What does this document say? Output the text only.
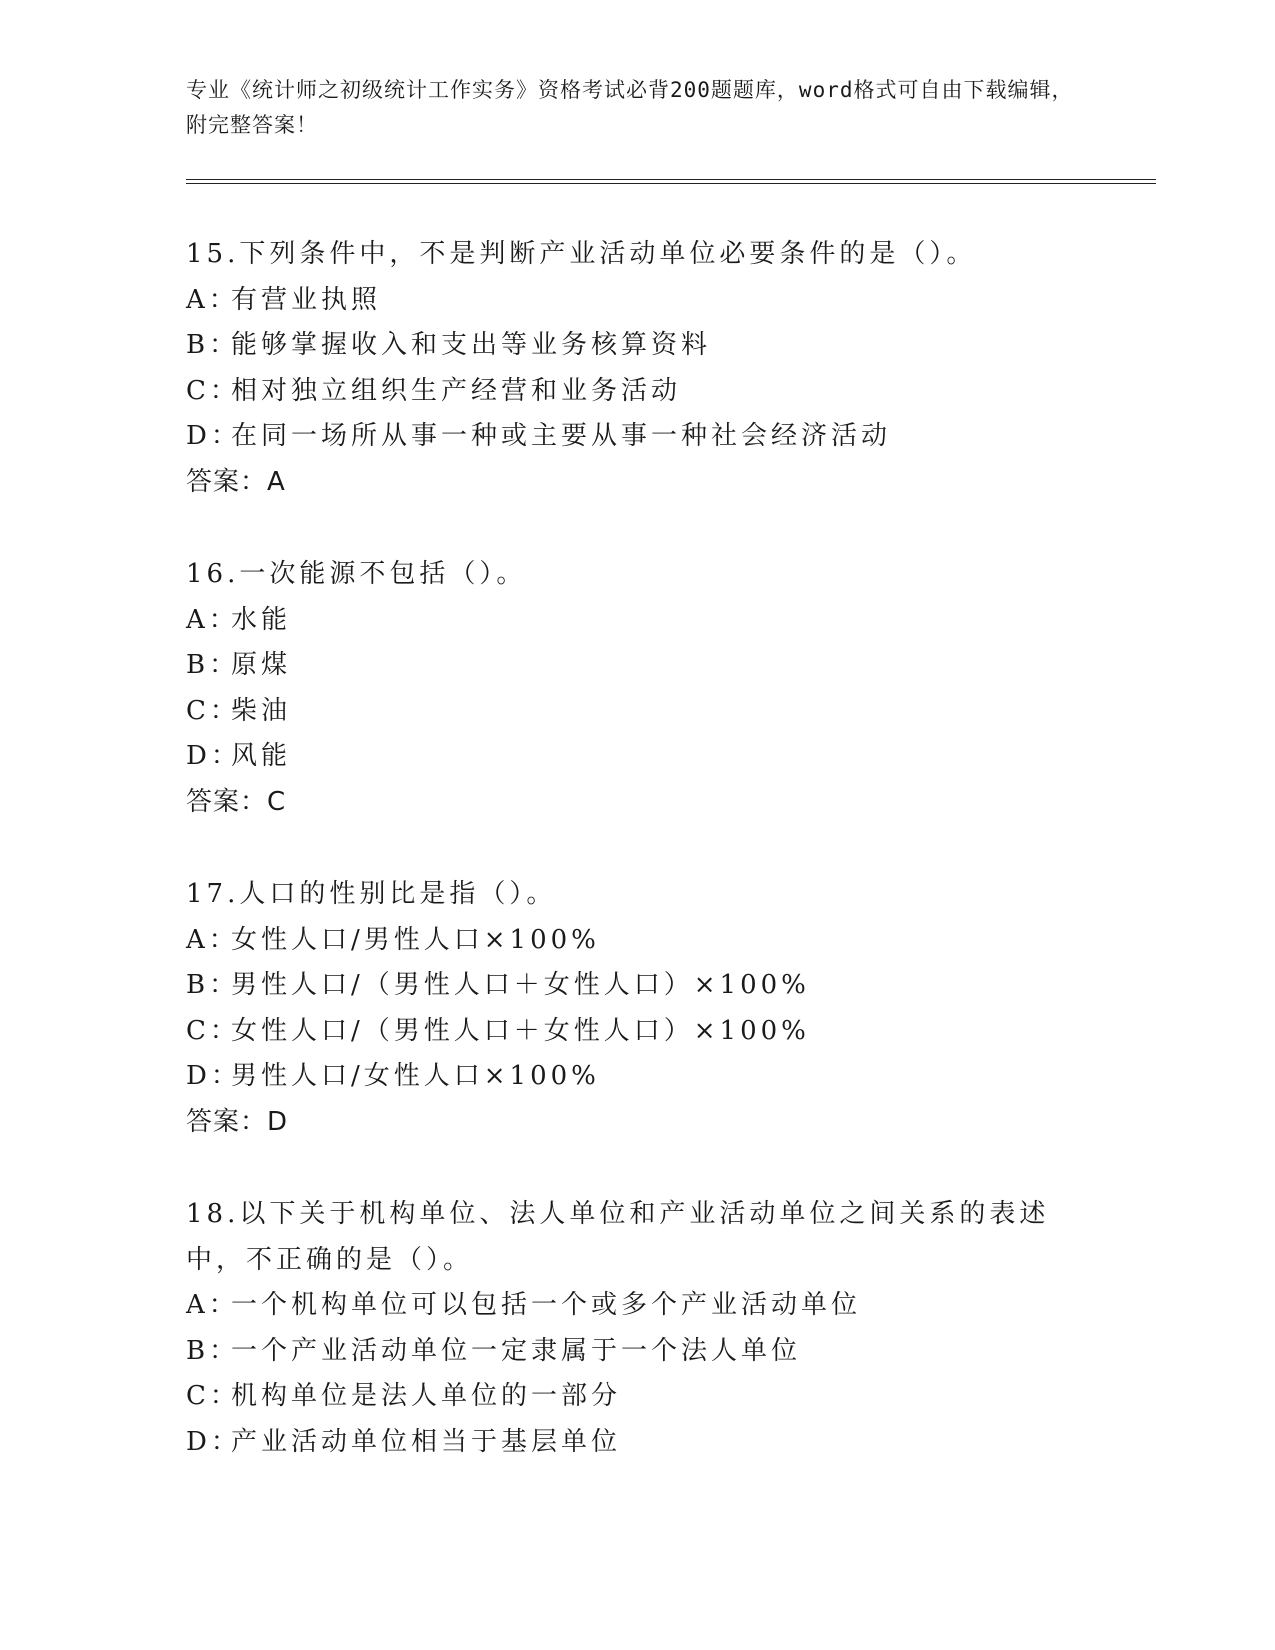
专业《统计师之初级统计工作实务》资格考试必背200题题库，word格式可自由下载编辑，附完整答案！
15.下列条件中，不是判断产业活动单位必要条件的是（）。
A：有营业执照
B：能够掌握收入和支出等业务核算资料
C：相对独立组织生产经营和业务活动
D：在同一场所从事一种或主要从事一种社会经济活动
答案：A
16.一次能源不包括（）。
A：水能
B：原煤
C：柴油
D：风能
答案：C
17.人口的性别比是指（）。
A：女性人口/男性人口×100%
B：男性人口/（男性人口＋女性人口）×100%
C：女性人口/（男性人口＋女性人口）×100%
D：男性人口/女性人口×100%
答案：D
18.以下关于机构单位、法人单位和产业活动单位之间关系的表述中，不正确的是（）。
A：一个机构单位可以包括一个或多个产业活动单位
B：一个产业活动单位一定隶属于一个法人单位
C：机构单位是法人单位的一部分
D：产业活动单位相当于基层单位
